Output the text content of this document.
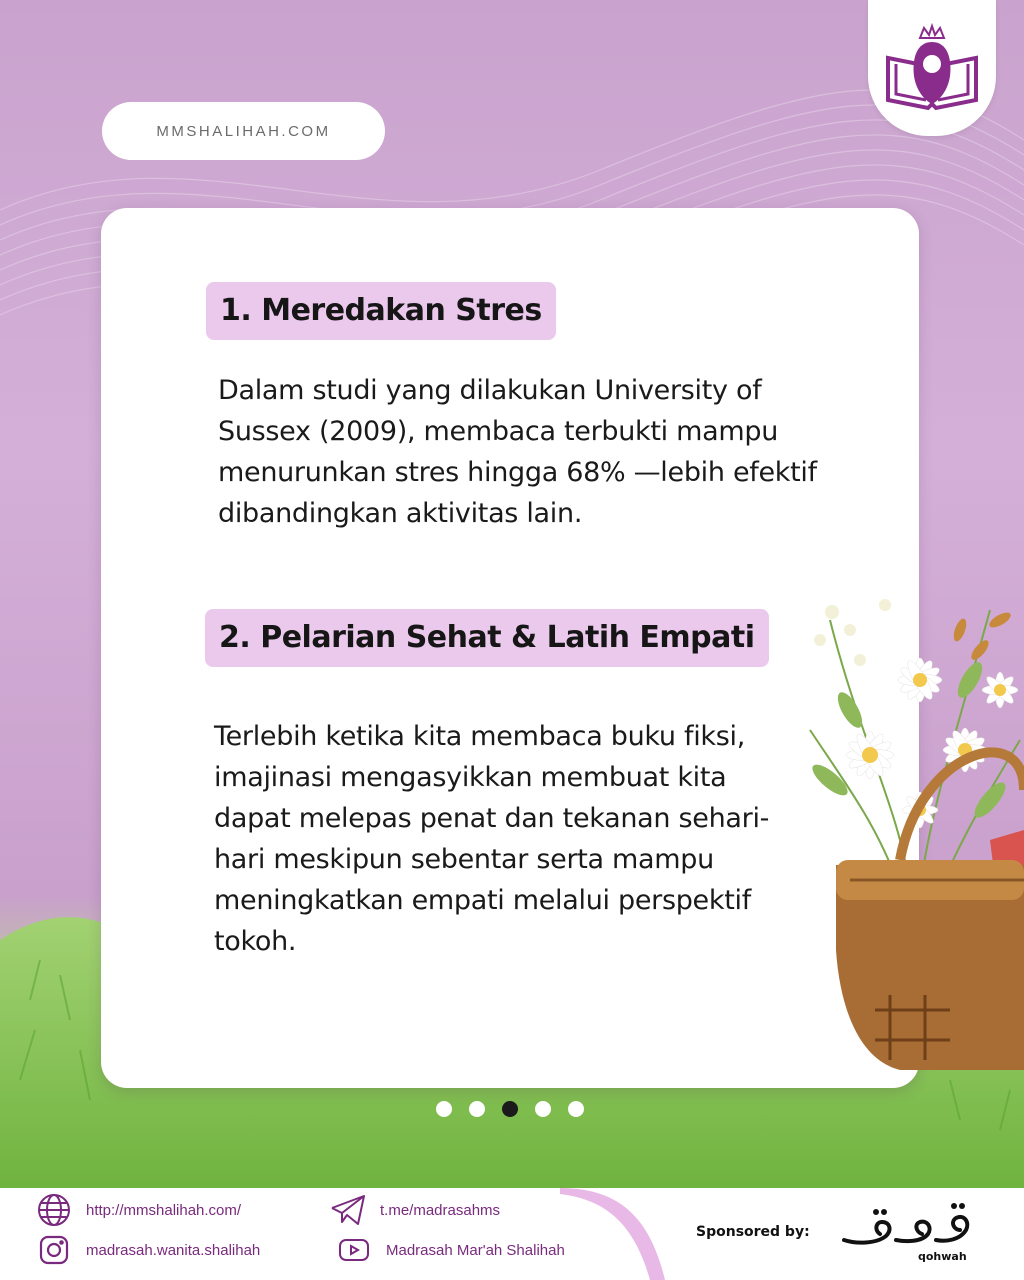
MMSHALIHAH.COM
1. Meredakan Stres

Dalam studi yang dilakukan University of Sussex (2009), membaca terbukti mampu menurunkan stres hingga 68% —lebih efektif dibandingkan aktivitas lain.

2. Pelarian Sehat & Latih Empati

Terlebih ketika kita membaca buku fiksi, imajinasi mengasyikkan membuat kita dapat melepas penat dan tekanan sehari-hari meskipun sebentar serta mampu meningkatkan empati melalui perspektif tokoh.

http://mmshalihah.com/
madrasah.wanita.shalihah
t.me/madrasahms
Madrasah Mar'ah Shalihah
Sponsored by:
qohwah
